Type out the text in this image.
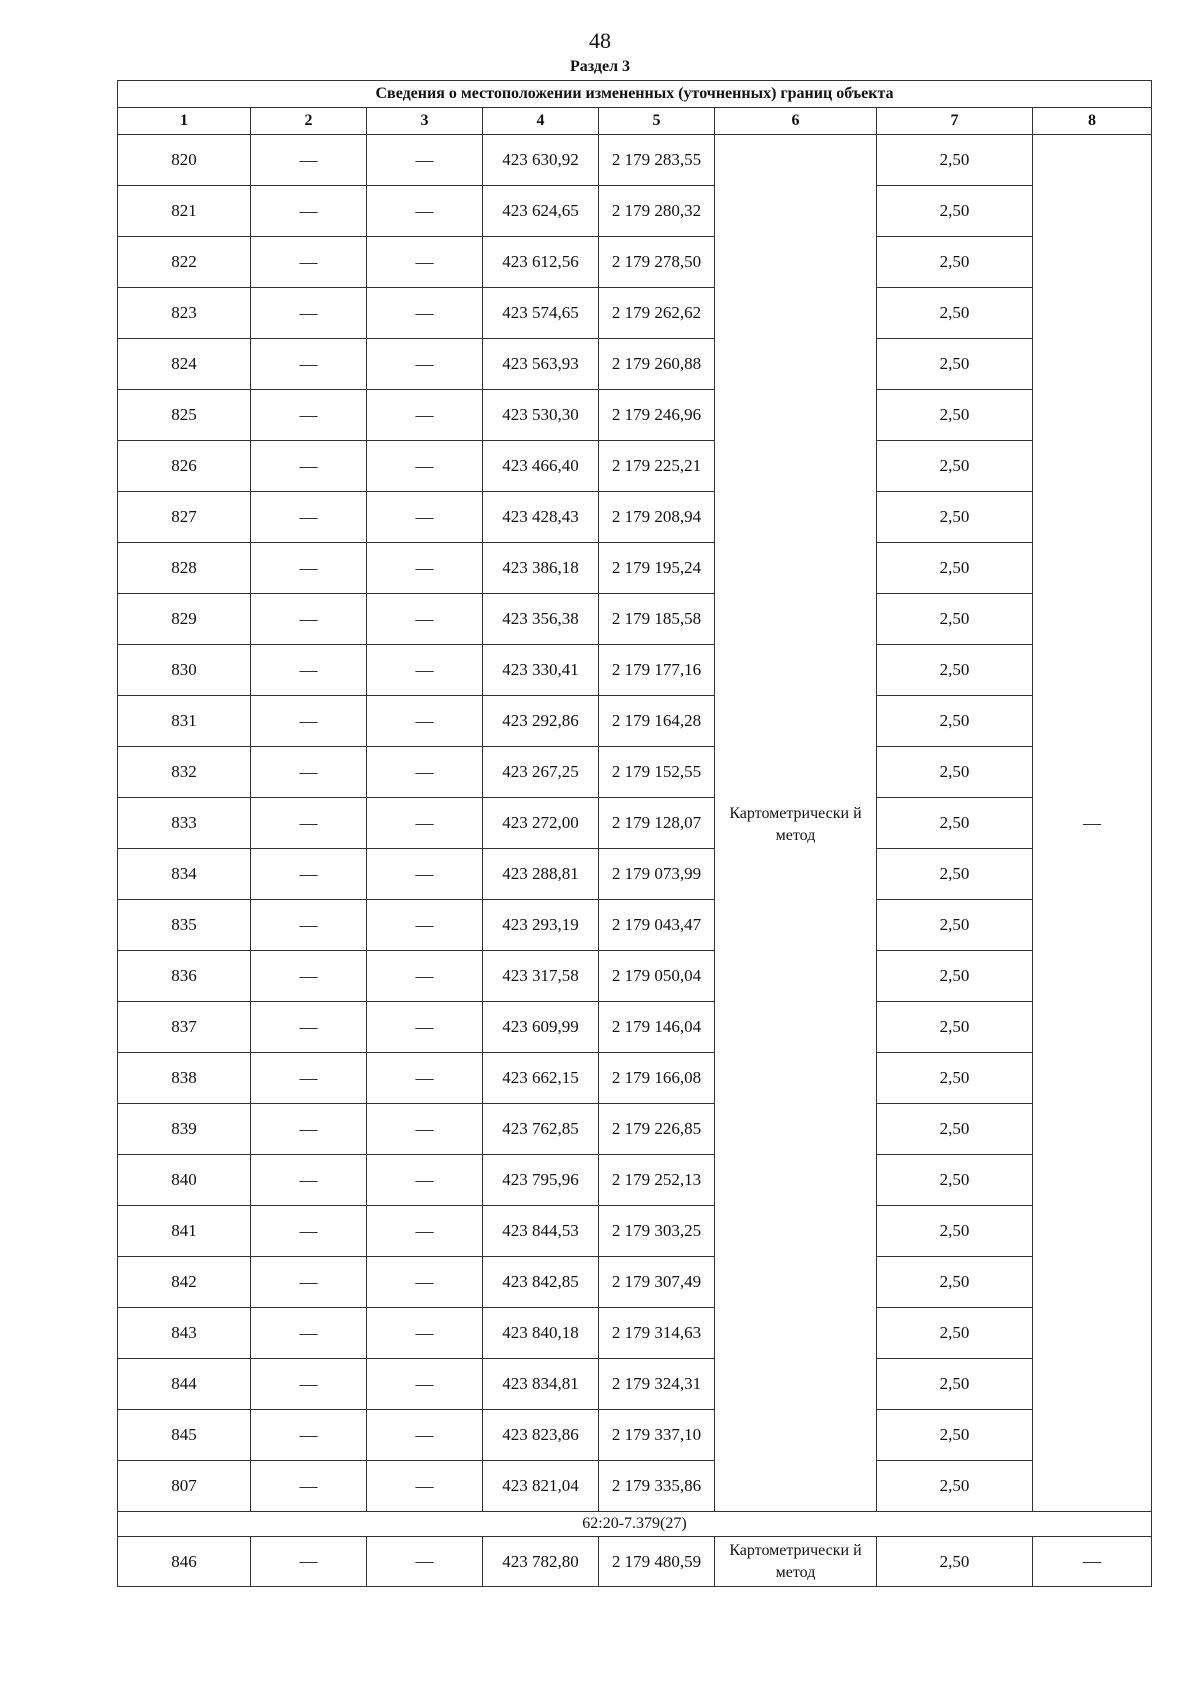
48
Раздел 3
Сведения о местоположении измененных (уточненных) границ объекта							
1	2	3	4	5	6	7	8
820	—	—	423 630,92	2 179 283,55	Картометрически й метод	2,50	—
821	—	—	423 624,65	2 179 280,32		2,50	
822	—	—	423 612,56	2 179 278,50		2,50	
823	—	—	423 574,65	2 179 262,62		2,50	
824	—	—	423 563,93	2 179 260,88		2,50	
825	—	—	423 530,30	2 179 246,96		2,50	
826	—	—	423 466,40	2 179 225,21		2,50	
827	—	—	423 428,43	2 179 208,94		2,50	
828	—	—	423 386,18	2 179 195,24		2,50	
829	—	—	423 356,38	2 179 185,58		2,50	
830	—	—	423 330,41	2 179 177,16		2,50	
831	—	—	423 292,86	2 179 164,28		2,50	
832	—	—	423 267,25	2 179 152,55		2,50	
833	—	—	423 272,00	2 179 128,07		2,50	
834	—	—	423 288,81	2 179 073,99		2,50	
835	—	—	423 293,19	2 179 043,47		2,50	
836	—	—	423 317,58	2 179 050,04		2,50	
837	—	—	423 609,99	2 179 146,04		2,50	
838	—	—	423 662,15	2 179 166,08		2,50	
839	—	—	423 762,85	2 179 226,85		2,50	
840	—	—	423 795,96	2 179 252,13		2,50	
841	—	—	423 844,53	2 179 303,25		2,50	
842	—	—	423 842,85	2 179 307,49		2,50	
843	—	—	423 840,18	2 179 314,63		2,50	
844	—	—	423 834,81	2 179 324,31		2,50	
845	—	—	423 823,86	2 179 337,10		2,50	
807	—	—	423 821,04	2 179 335,86		2,50	
62:20-7.379(27)							
846	—	—	423 782,80	2 179 480,59	Картометрически й метод	2,50	—
